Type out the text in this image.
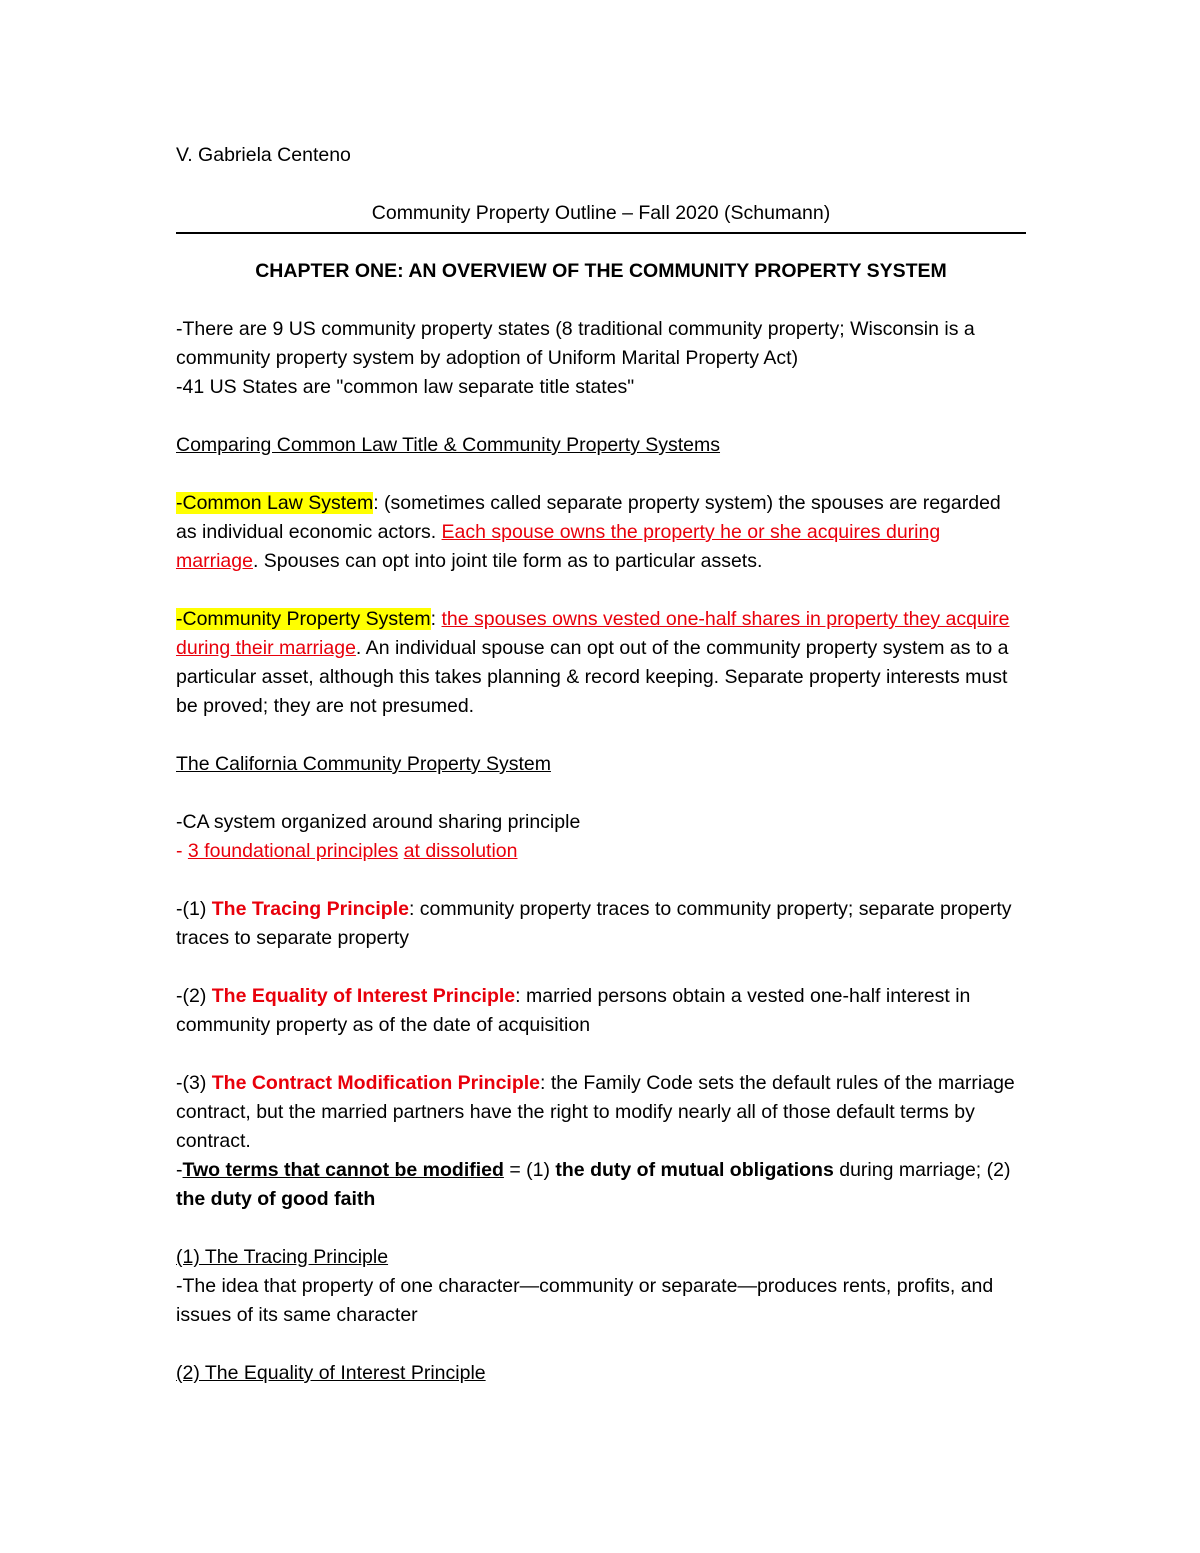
V. Gabriela Centeno

Community Property Outline – Fall 2020 (Schumann)

CHAPTER ONE: AN OVERVIEW OF THE COMMUNITY PROPERTY SYSTEM

-There are 9 US community property states (8 traditional community property; Wisconsin is a community property system by adoption of Uniform Marital Property Act)
-41 US States are "common law separate title states"

Comparing Common Law Title & Community Property Systems

-Common Law System: (sometimes called separate property system) the spouses are regarded as individual economic actors. Each spouse owns the property he or she acquires during marriage. Spouses can opt into joint tile form as to particular assets.

-Community Property System: the spouses owns vested one-half shares in property they acquire during their marriage. An individual spouse can opt out of the community property system as to a particular asset, although this takes planning & record keeping. Separate property interests must be proved; they are not presumed.

The California Community Property System

-CA system organized around sharing principle
- 3 foundational principles at dissolution

-(1) The Tracing Principle: community property traces to community property; separate property traces to separate property

-(2) The Equality of Interest Principle: married persons obtain a vested one-half interest in community property as of the date of acquisition

-(3) The Contract Modification Principle: the Family Code sets the default rules of the marriage contract, but the married partners have the right to modify nearly all of those default terms by contract.

-Two terms that cannot be modified = (1) the duty of mutual obligations during marriage; (2) the duty of good faith

(1) The Tracing Principle

-The idea that property of one character—community or separate—produces rents, profits, and issues of its same character

(2) The Equality of Interest Principle
